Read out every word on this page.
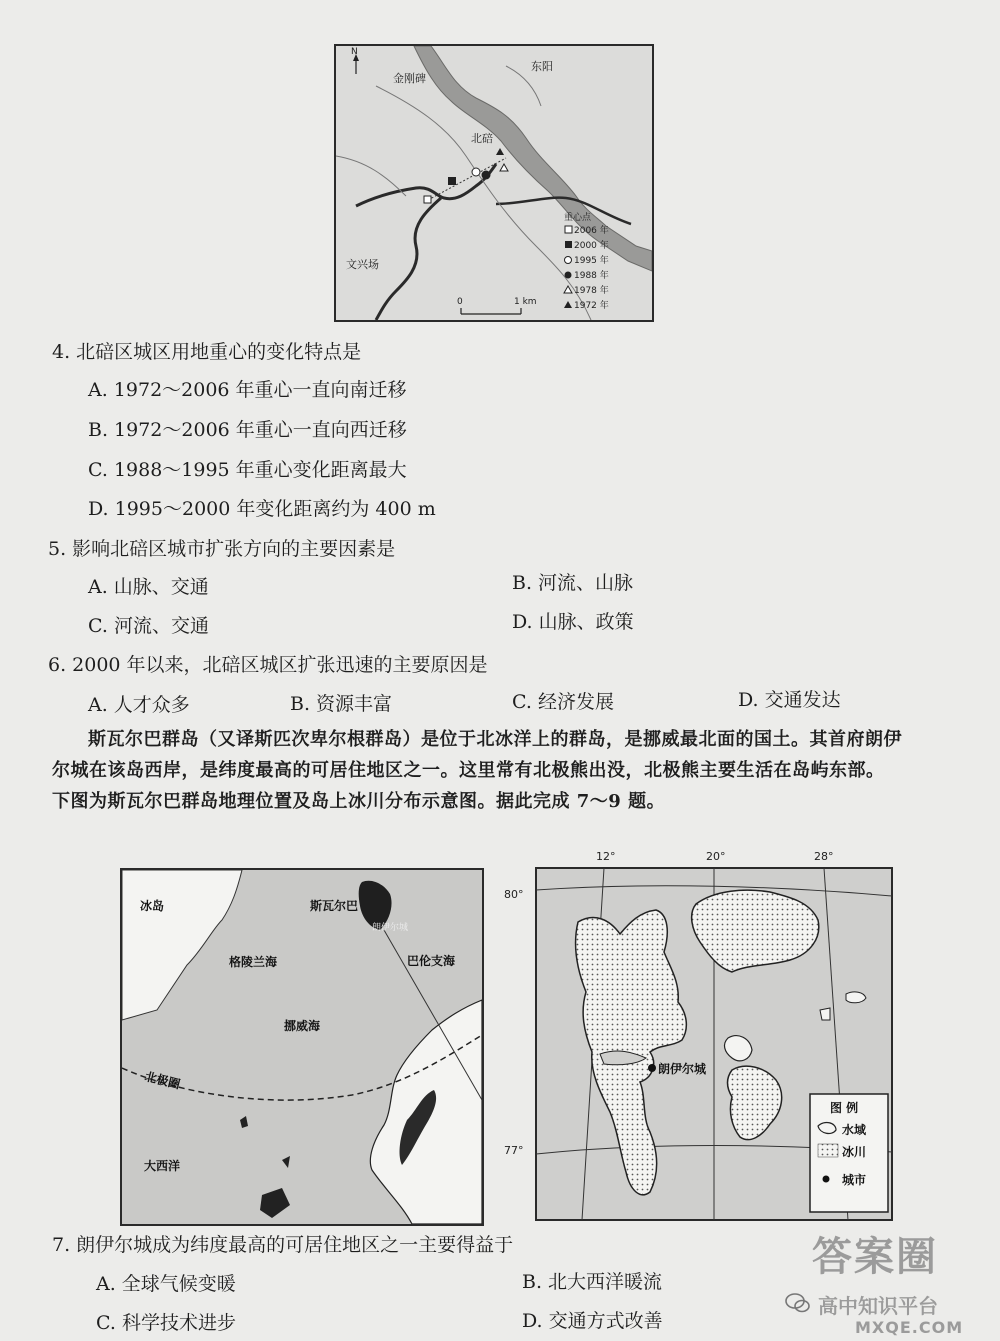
N
金刚碑
东阳
北碚
文兴场
0	1 km
重心点
2006 年
2000 年
1995 年
1988 年
1978 年
1972 年
4. 北碚区城区用地重心的变化特点是
A. 1972～2006 年重心一直向南迁移
B. 1972～2006 年重心一直向西迁移
C. 1988～1995 年重心变化距离最大
D. 1995～2000 年变化距离约为 400 m
5. 影响北碚区城市扩张方向的主要因素是
A. 山脉、交通	B. 河流、山脉
C. 河流、交通	D. 山脉、政策
6. 2000 年以来，北碚区城区扩张迅速的主要原因是
A. 人才众多	B. 资源丰富	C. 经济发展	D. 交通发达
斯瓦尔巴群岛（又译斯匹次卑尔根群岛）是位于北冰洋上的群岛，是挪威最北面的国土。其首府朗伊
尔城在该岛西岸，是纬度最高的可居住地区之一。这里常有北极熊出没，北极熊主要生活在岛屿东部。
下图为斯瓦尔巴群岛地理位置及岛上冰川分布示意图。据此完成 7～9 题。
冰岛	斯瓦尔巴
朗伊尔城
格陵兰海	巴伦支海
挪威海
北极圈
大西洋
12°	20°	28°
80°
77°
朗伊尔城
图 例
水域
冰川
城市
7. 朗伊尔城成为纬度最高的可居住地区之一主要得益于
A. 全球气候变暖	B. 北大西洋暖流
C. 科学技术进步	D. 交通方式改善
答案圈
高中知识平台
MXQE.COM
